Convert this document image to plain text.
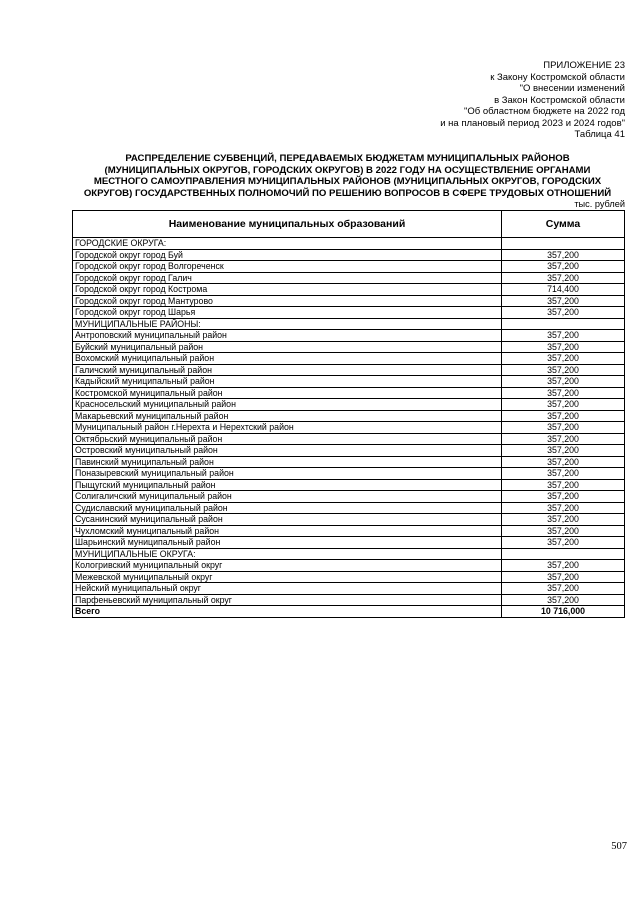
ПРИЛОЖЕНИЕ 23
к Закону Костромской области
"О внесении изменений
в Закон Костромской области
"Об областном бюджете на 2022 год
и на плановый период 2023 и 2024 годов"
Таблица 41
РАСПРЕДЕЛЕНИЕ СУБВЕНЦИЙ, ПЕРЕДАВАЕМЫХ БЮДЖЕТАМ МУНИЦИПАЛЬНЫХ РАЙОНОВ
(МУНИЦИПАЛЬНЫХ ОКРУГОВ, ГОРОДСКИХ ОКРУГОВ) В 2022 ГОДУ НА ОСУЩЕСТВЛЕНИЕ ОРГАНАМИ
МЕСТНОГО САМОУПРАВЛЕНИЯ МУНИЦИПАЛЬНЫХ РАЙОНОВ (МУНИЦИПАЛЬНЫХ ОКРУГОВ, ГОРОДСКИХ
ОКРУГОВ) ГОСУДАРСТВЕННЫХ ПОЛНОМОЧИЙ ПО РЕШЕНИЮ ВОПРОСОВ В СФЕРЕ ТРУДОВЫХ ОТНОШЕНИЙ
тыс. рублей
Наименование муниципальных образований	Сумма
ГОРОДСКИЕ ОКРУГА:	
Городской округ город Буй	357,200
Городской округ город Волгореченск	357,200
Городской округ город Галич	357,200
Городской округ город Кострома	714,400
Городской округ город Мантурово	357,200
Городской округ город Шарья	357,200
МУНИЦИПАЛЬНЫЕ РАЙОНЫ:	
Антроповский муниципальный район	357,200
Буйский муниципальный район	357,200
Вохомский муниципальный район	357,200
Галичский муниципальный район	357,200
Кадыйский муниципальный район	357,200
Костромской муниципальный район	357,200
Красносельский муниципальный район	357,200
Макарьевский муниципальный район	357,200
Муниципальный район г.Нерехта и Нерехтский район	357,200
Октябрьский муниципальный район	357,200
Островский муниципальный район	357,200
Павинский муниципальный район	357,200
Поназыревский муниципальный район	357,200
Пыщугский муниципальный район	357,200
Солигаличский муниципальный район	357,200
Судиславский муниципальный район	357,200
Сусанинский муниципальный район	357,200
Чухломский муниципальный район	357,200
Шарьинский муниципальный район	357,200
МУНИЦИПАЛЬНЫЕ ОКРУГА:	
Кологривский муниципальный округ	357,200
Межевской муниципальный округ	357,200
Нейский муниципальный округ	357,200
Парфеньевский муниципальный округ	357,200
Всего	10 716,000
507
